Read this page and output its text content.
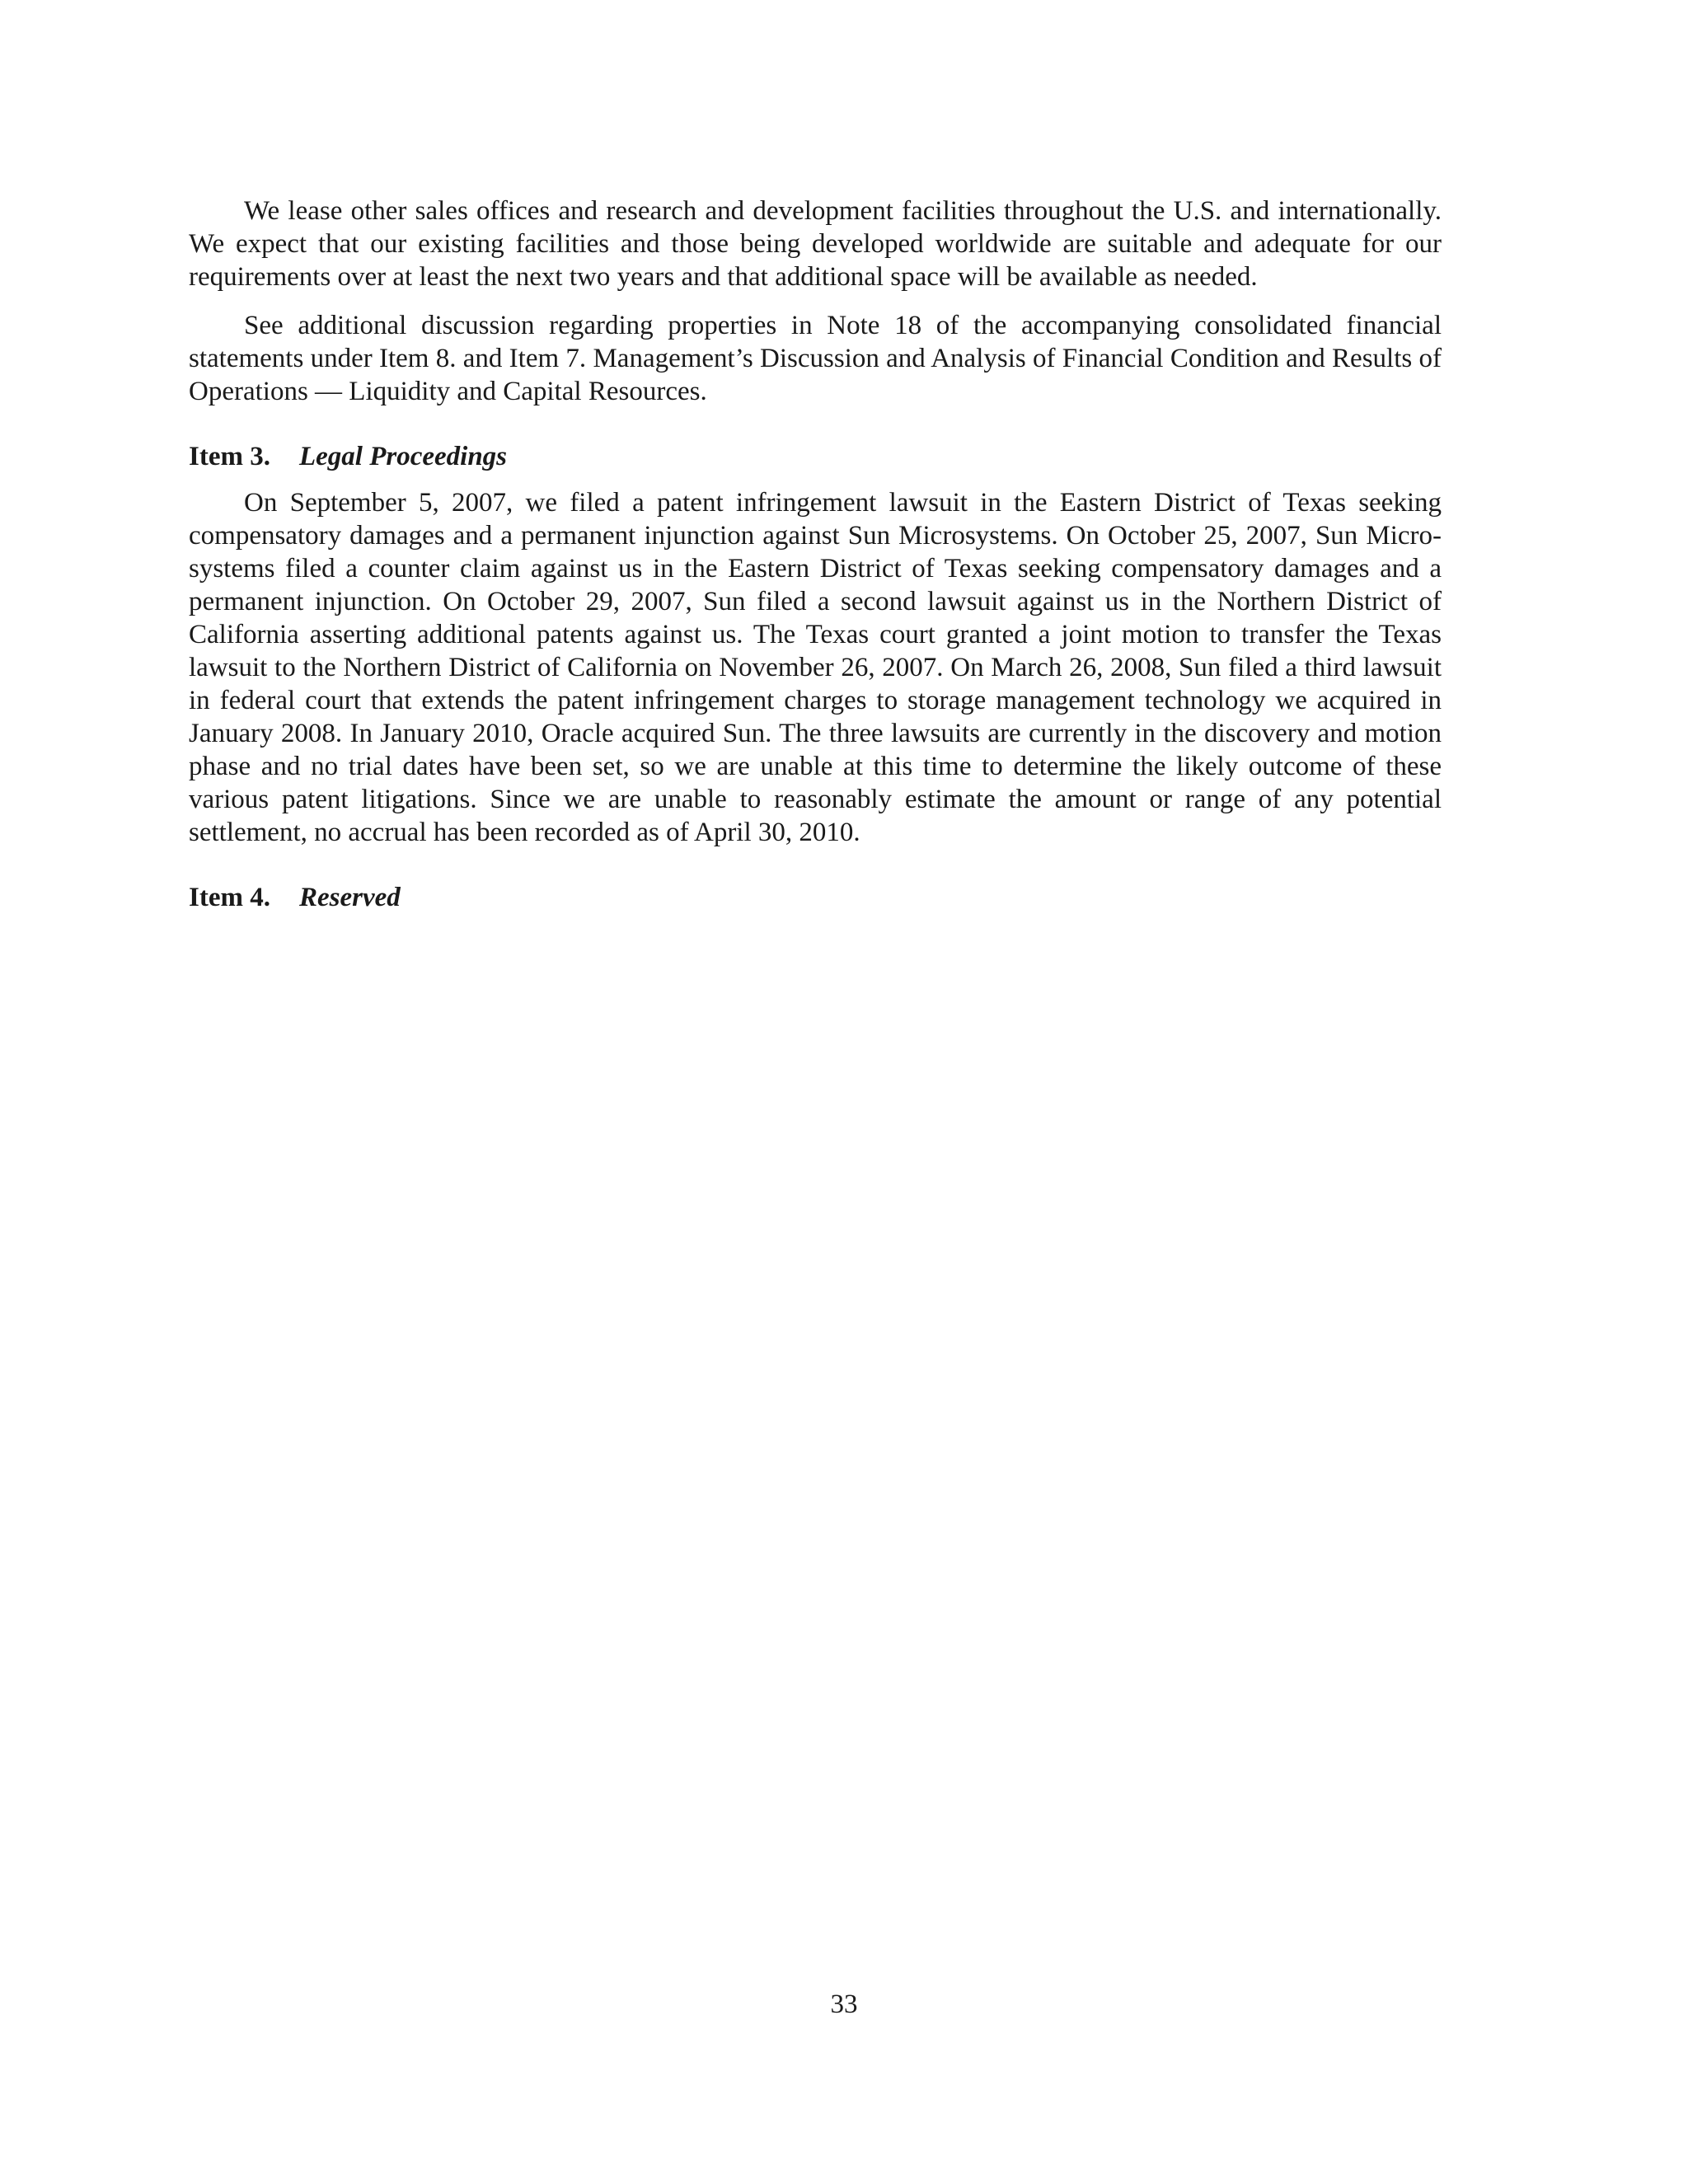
We lease other sales offices and research and development facilities throughout the U.S. and internationally. We expect that our existing facilities and those being developed worldwide are suitable and adequate for our requirements over at least the next two years and that additional space will be available as needed.

See additional discussion regarding properties in Note 18 of the accompanying consolidated financial statements under Item 8. and Item 7. Management’s Discussion and Analysis of Financial Condition and Results of Operations — Liquidity and Capital Resources.

Item 3. Legal Proceedings

On September 5, 2007, we filed a patent infringement lawsuit in the Eastern District of Texas seeking compensatory damages and a permanent injunction against Sun Microsystems. On October 25, 2007, Sun Microsystems filed a counter claim against us in the Eastern District of Texas seeking compensatory damages and a permanent injunction. On October 29, 2007, Sun filed a second lawsuit against us in the Northern District of California asserting additional patents against us. The Texas court granted a joint motion to transfer the Texas lawsuit to the Northern District of California on November 26, 2007. On March 26, 2008, Sun filed a third lawsuit in federal court that extends the patent infringement charges to storage management technology we acquired in January 2008. In January 2010, Oracle acquired Sun. The three lawsuits are currently in the discovery and motion phase and no trial dates have been set, so we are unable at this time to determine the likely outcome of these various patent litigations. Since we are unable to reasonably estimate the amount or range of any potential settlement, no accrual has been recorded as of April 30, 2010.

Item 4. Reserved
33
